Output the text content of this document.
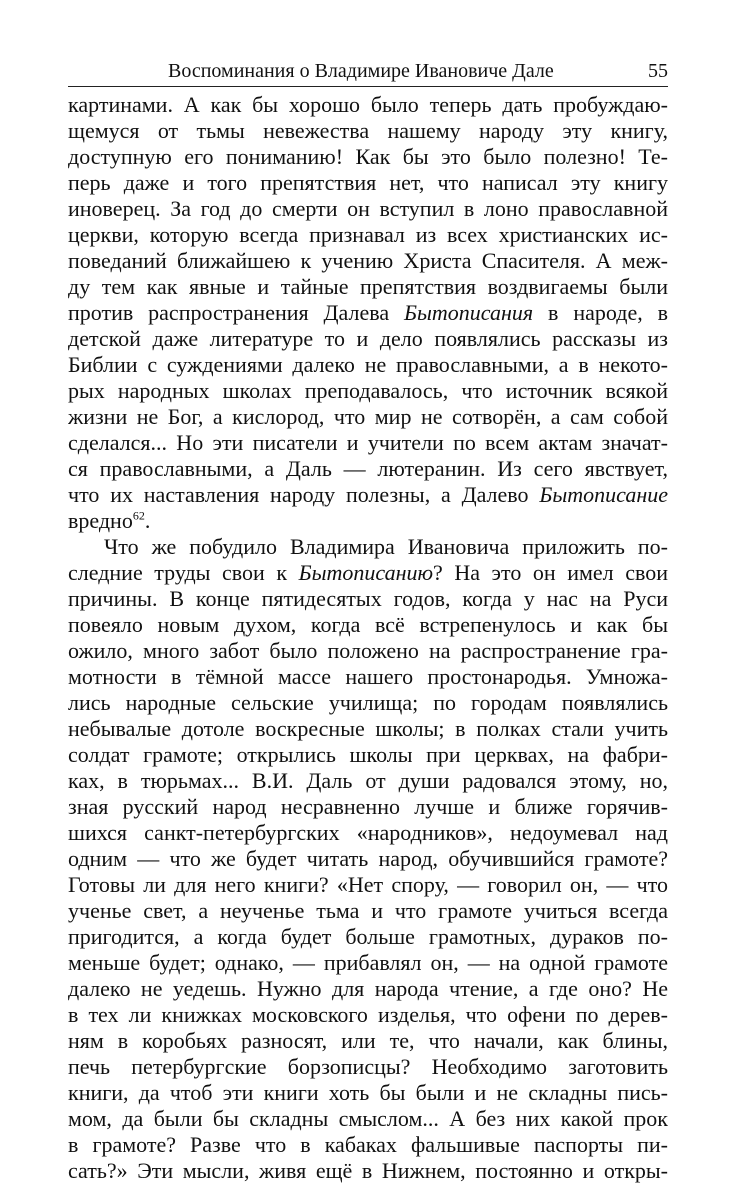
Воспоминания о Владимире Ивановиче Дале	55
картинами. А как бы хорошо было теперь дать пробуждаю-
щемуся от тьмы невежества нашему народу эту книгу,
доступную его пониманию! Как бы это было полезно! Те-
перь даже и того препятствия нет, что написал эту книгу
иноверец. За год до смерти он вступил в лоно православной
церкви, которую всегда признавал из всех христианских ис-
поведаний ближайшею к учению Христа Спасителя. А меж-
ду тем как явные и тайные препятствия воздвигаемы были
против распространения Далева Бытописания в народе, в
детской даже литературе то и дело появлялись рассказы из
Библии с суждениями далеко не православными, а в некото-
рых народных школах преподавалось, что источник всякой
жизни не Бог, а кислород, что мир не сотворён, а сам собой
сделался... Но эти писатели и учители по всем актам значат-
ся православными, а Даль — лютеранин. Из сего явствует,
что их наставления народу полезны, а Далево Бытописание
вредно$^{62}$.
Что же побудило Владимира Ивановича приложить по-
следние труды свои к Бытописанию? На это он имел свои
причины. В конце пятидесятых годов, когда у нас на Руси
повеяло новым духом, когда всё встрепенулось и как бы
ожило, много забот было положено на распространение гра-
мотности в тёмной массе нашего простонародья. Умножа-
лись народные сельские училища; по городам появлялись
небывалые дотоле воскресные школы; в полках стали учить
солдат грамоте; открылись школы при церквах, на фабри-
ках, в тюрьмах... В.И. Даль от души радовался этому, но,
зная русский народ несравненно лучше и ближе горячив-
шихся санкт-петербургских «народников», недоумевал над
одним — что же будет читать народ, обучившийся грамоте?
Готовы ли для него книги? «Нет спору, — говорил он, — что
ученье свет, а неученье тьма и что грамоте учиться всегда
пригодится, а когда будет больше грамотных, дураков по-
меньше будет; однако, — прибавлял он, — на одной грамоте
далеко не уедешь. Нужно для народа чтение, а где оно? Не
в тех ли книжках московского изделья, что офени по дерев-
ням в коробьях разносят, или те, что начали, как блины,
печь петербургские борзописцы? Необходимо заготовить
книги, да чтоб эти книги хоть бы были и не складны пись-
мом, да были бы складны смыслом... А без них какой прок
в грамоте? Разве что в кабаках фальшивые паспорты пи-
сать?» Эти мысли, живя ещё в Нижнем, постоянно и откры-
